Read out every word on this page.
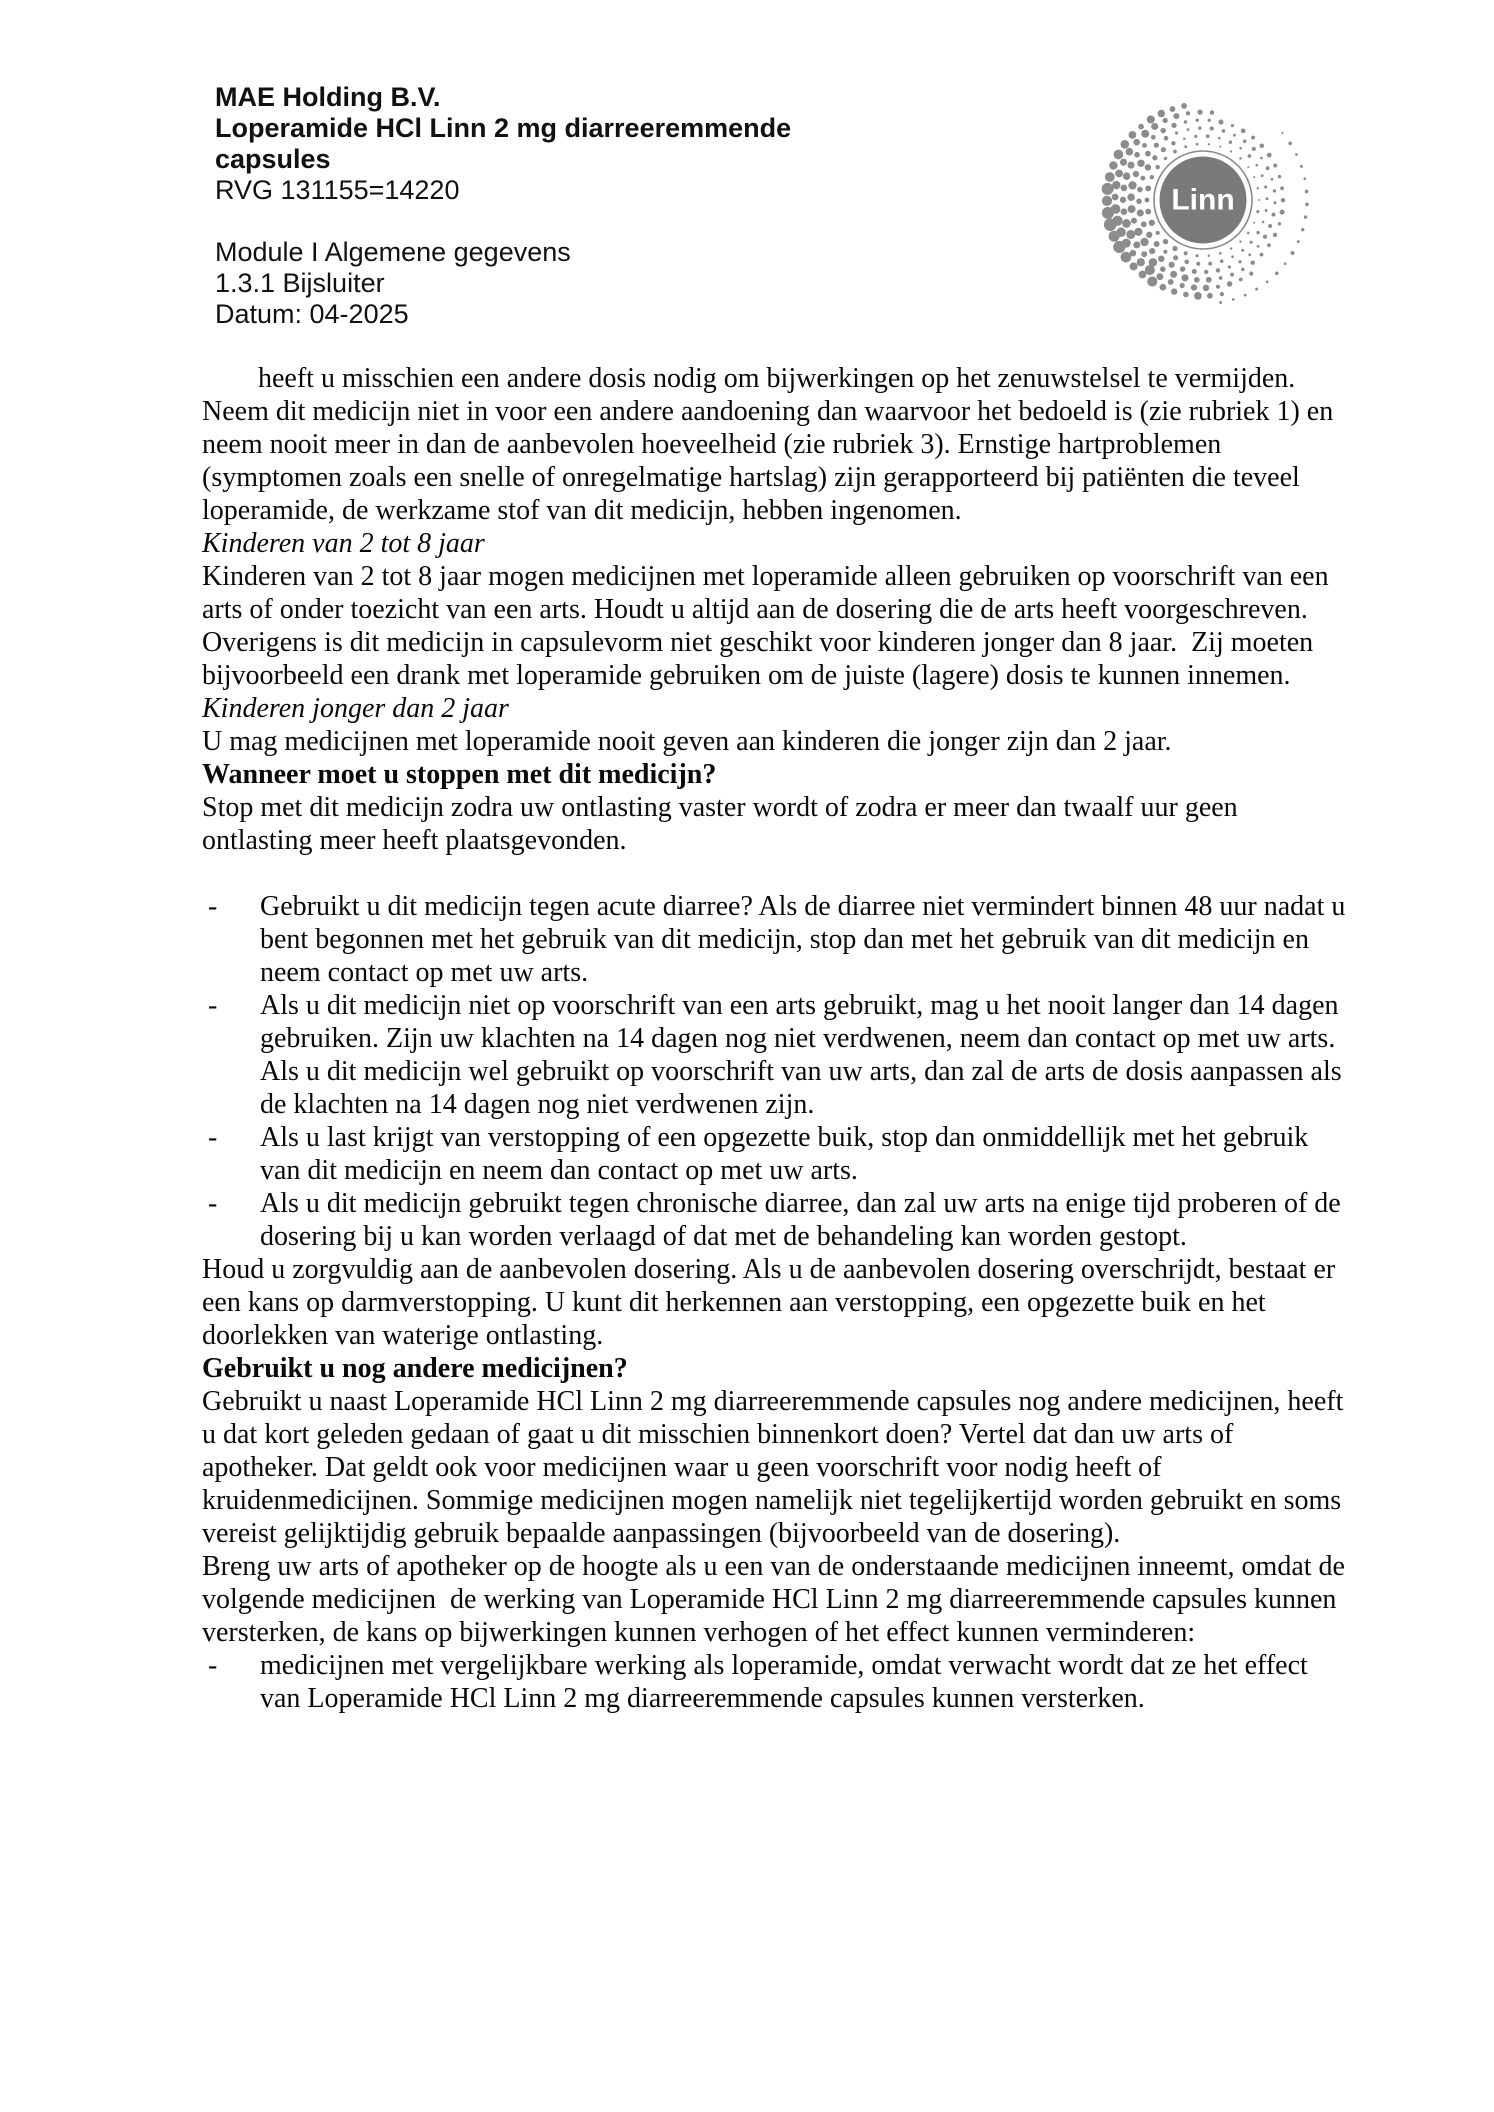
MAE Holding B.V.
Loperamide HCl Linn 2 mg diarreeremmende
capsules
RVG 131155=14220
Module I Algemene gegevens
1.3.1 Bijsluiter
Datum: 04-2025
Linn

heeft u misschien een andere dosis nodig om bijwerkingen op het zenuwstelsel te vermijden.

Neem dit medicijn niet in voor een andere aandoening dan waarvoor het bedoeld is (zie rubriek 1) en neem nooit meer in dan de aanbevolen hoeveelheid (zie rubriek 3). Ernstige hartproblemen (symptomen zoals een snelle of onregelmatige hartslag) zijn gerapporteerd bij patiënten die teveel loperamide, de werkzame stof van dit medicijn, hebben ingenomen.

Kinderen van 2 tot 8 jaar

Kinderen van 2 tot 8 jaar mogen medicijnen met loperamide alleen gebruiken op voorschrift van een arts of onder toezicht van een arts. Houdt u altijd aan de dosering die de arts heeft voorgeschreven. Overigens is dit medicijn in capsulevorm niet geschikt voor kinderen jonger dan 8 jaar.  Zij moeten bijvoorbeeld een drank met loperamide gebruiken om de juiste (lagere) dosis te kunnen innemen.

Kinderen jonger dan 2 jaar

U mag medicijnen met loperamide nooit geven aan kinderen die jonger zijn dan 2 jaar.

Wanneer moet u stoppen met dit medicijn?

Stop met dit medicijn zodra uw ontlasting vaster wordt of zodra er meer dan twaalf uur geen ontlasting meer heeft plaatsgevonden.

-	Gebruikt u dit medicijn tegen acute diarree? Als de diarree niet vermindert binnen 48 uur nadat u bent begonnen met het gebruik van dit medicijn, stop dan met het gebruik van dit medicijn en neem contact op met uw arts.
-	Als u dit medicijn niet op voorschrift van een arts gebruikt, mag u het nooit langer dan 14 dagen gebruiken. Zijn uw klachten na 14 dagen nog niet verdwenen, neem dan contact op met uw arts. Als u dit medicijn wel gebruikt op voorschrift van uw arts, dan zal de arts de dosis aanpassen als de klachten na 14 dagen nog niet verdwenen zijn.
-	Als u last krijgt van verstopping of een opgezette buik, stop dan onmiddellijk met het gebruik van dit medicijn en neem dan contact op met uw arts.
-	Als u dit medicijn gebruikt tegen chronische diarree, dan zal uw arts na enige tijd proberen of de dosering bij u kan worden verlaagd of dat met de behandeling kan worden gestopt.

Houd u zorgvuldig aan de aanbevolen dosering. Als u de aanbevolen dosering overschrijdt, bestaat er een kans op darmverstopping. U kunt dit herkennen aan verstopping, een opgezette buik en het doorlekken van waterige ontlasting.

Gebruikt u nog andere medicijnen?

Gebruikt u naast Loperamide HCl Linn 2 mg diarreeremmende capsules nog andere medicijnen, heeft u dat kort geleden gedaan of gaat u dit misschien binnenkort doen? Vertel dat dan uw arts of apotheker. Dat geldt ook voor medicijnen waar u geen voorschrift voor nodig heeft of kruidenmedicijnen. Sommige medicijnen mogen namelijk niet tegelijkertijd worden gebruikt en soms vereist gelijktijdig gebruik bepaalde aanpassingen (bijvoorbeeld van de dosering).

Breng uw arts of apotheker op de hoogte als u een van de onderstaande medicijnen inneemt, omdat de volgende medicijnen  de werking van Loperamide HCl Linn 2 mg diarreeremmende capsules kunnen versterken, de kans op bijwerkingen kunnen verhogen of het effect kunnen verminderen:

-	medicijnen met vergelijkbare werking als loperamide, omdat verwacht wordt dat ze het effect van Loperamide HCl Linn 2 mg diarreeremmende capsules kunnen versterken.
